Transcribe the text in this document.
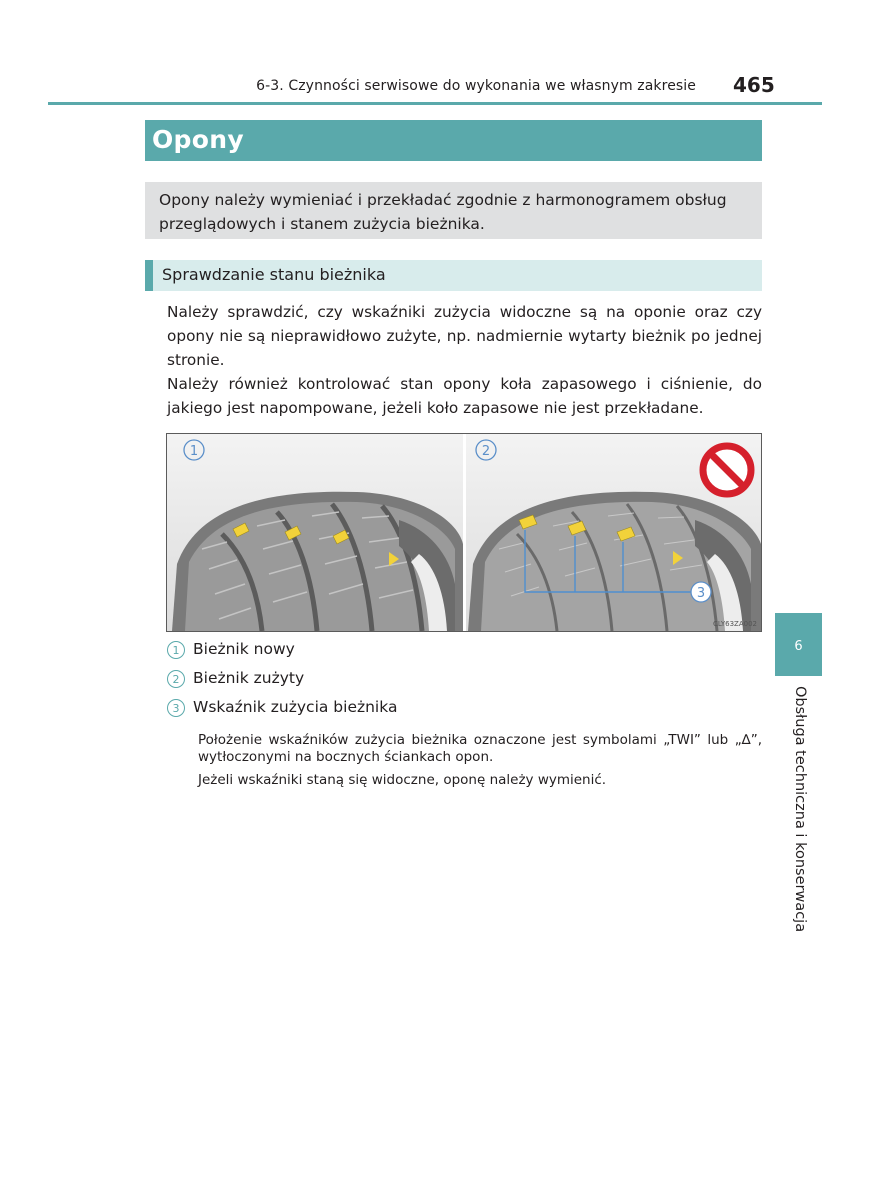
6-3. Czynności serwisowe do wykonania we własnym zakresie 465
Opony

Opony należy wymieniać i przekładać zgodnie z harmonogramem obsług przeglądowych i stanem zużycia bieżnika.

Sprawdzanie stanu bieżnika

Należy sprawdzić, czy wskaźniki zużycia widoczne są na oponie oraz czy opony nie są nieprawidłowo zużyte, np. nadmiernie wytarty bieżnik po jednej stronie.

Należy również kontrolować stan opony koła zapasowego i ciśnienie, do jakiego jest napompowane, jeżeli koło zapasowe nie jest przekładane.

1	2
3
CLY63ZA002
1 Bieżnik nowy
2 Bieżnik zużyty
3 Wskaźnik zużycia bieżnika

Położenie wskaźników zużycia bieżnika oznaczone jest symbolami „TWI” lub „∆”, wytłoczonymi na bocznych ściankach opon.

Jeżeli wskaźniki staną się widoczne, oponę należy wymienić.

6
Obsługa techniczna i konserwacja
